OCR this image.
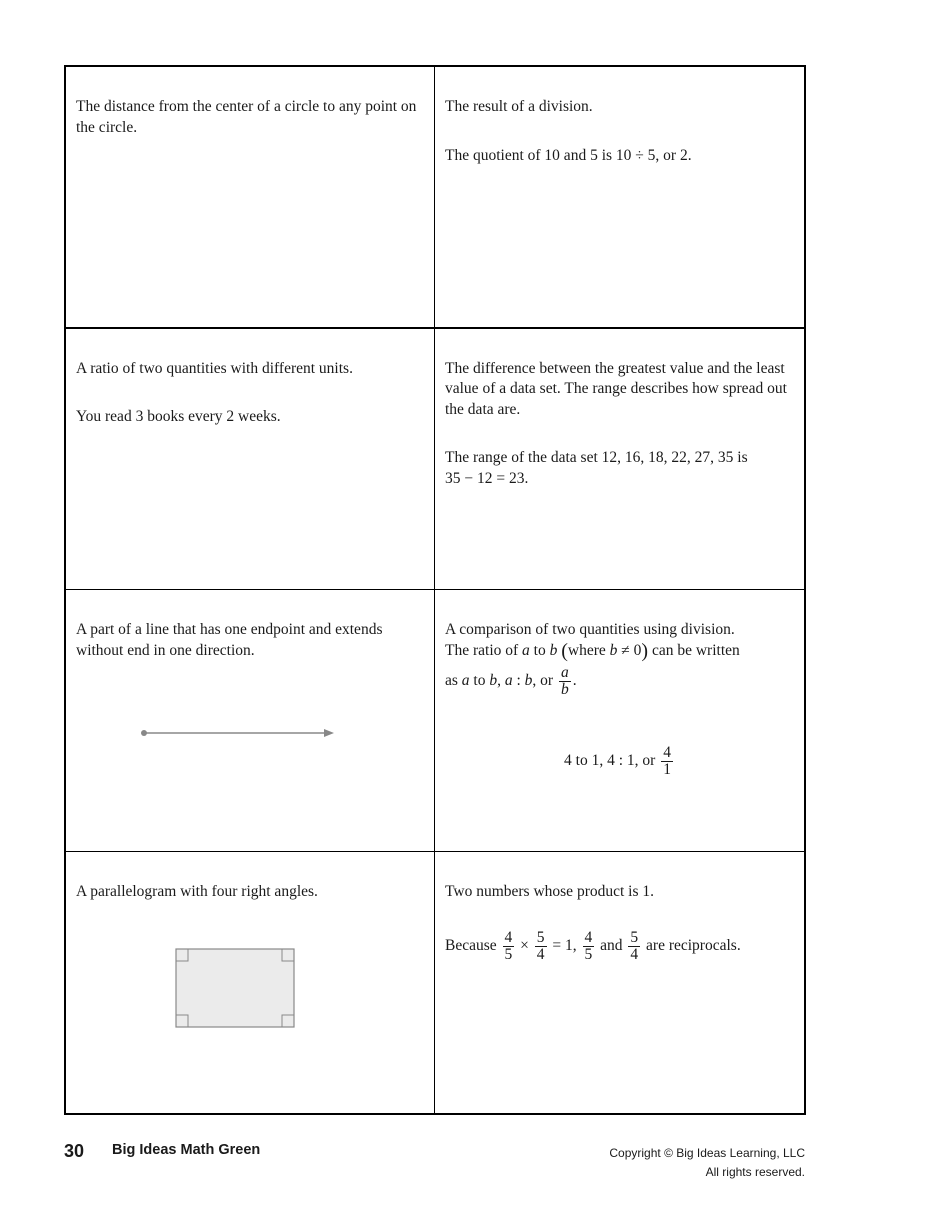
The distance from the center of a circle to any point on the circle.

The result of a division.

The quotient of 10 and 5 is 10 ÷ 5, or 2.

A ratio of two quantities with different units.

You read 3 books every 2 weeks.

The difference between the greatest value and the least value of a data set. The range describes how spread out the data are.

The range of the data set 12, 16, 18, 22, 27, 35 is
35 − 12 = 23.

A part of a line that has one endpoint and extends without end in one direction.

A comparison of two quantities using division.
The ratio of a to b (where b ≠ 0) can be written
as a to b, a : b, or $\frac{a}{b}$ .
4 to 1, 4 : 1, or $\frac{4}{1}$

A parallelogram with four right angles.	Two numbers whose product is 1.

Because $\frac{4}{5} \times \frac{5}{4} = 1$, $\frac{4}{5}$ and $\frac{5}{4}$ are reciprocals.
30 Big Ideas Math Green	Copyright © Big Ideas Learning, LLC
All rights reserved.
